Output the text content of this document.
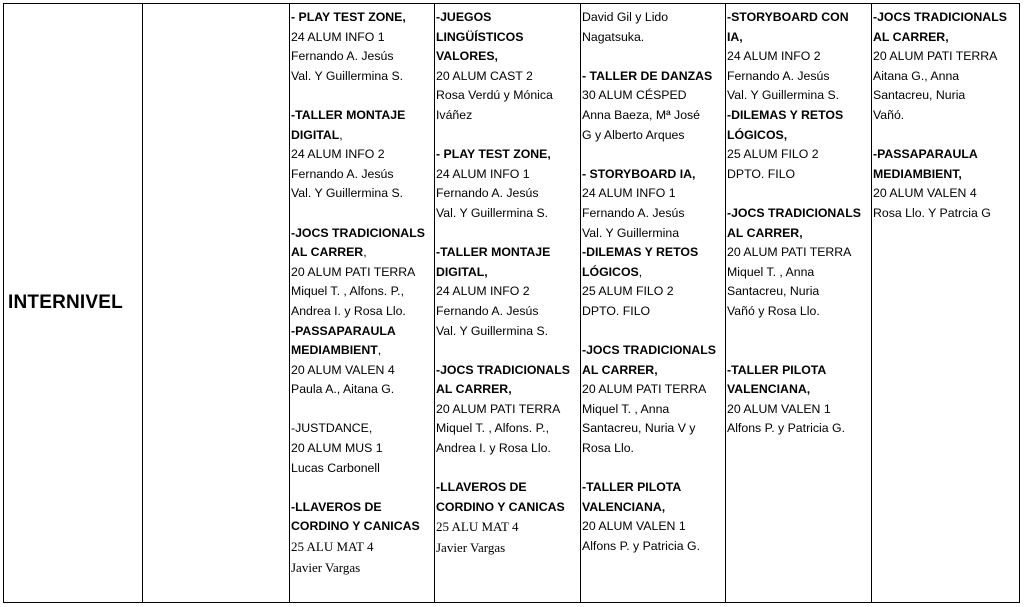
INTERNIVEL

- PLAY TEST ZONE,

24 ALUM INFO 1

Fernando A. Jesús

Val. Y Guillermina S.

-TALLER MONTAJE

DIGITAL,

24 ALUM INFO 2

Fernando A. Jesús

Val. Y Guillermina S.

-JOCS TRADICIONALS

AL CARRER,

20 ALUM PATI TERRA

Miquel T. , Alfons. P.,

Andrea I. y Rosa Llo.

-PASSAPARAULA

MEDIAMBIENT,

20 ALUM VALEN 4

Paula A., Aitana G.

-JUSTDANCE,

20 ALUM MUS 1

Lucas Carbonell

-LLAVEROS DE

CORDINO Y CANICAS

25 ALU MAT 4

Javier Vargas

-JUEGOS

LINGÜÍSTICOS

VALORES,

20 ALUM CAST 2

Rosa Verdú y Mónica

Iváñez

- PLAY TEST ZONE,

24 ALUM INFO 1

Fernando A. Jesús

Val. Y Guillermina S.

-TALLER MONTAJE

DIGITAL,

24 ALUM INFO 2

Fernando A. Jesús

Val. Y Guillermina S.

-JOCS TRADICIONALS

AL CARRER,

20 ALUM PATI TERRA

Miquel T. , Alfons. P.,

Andrea I. y Rosa Llo.

-LLAVEROS DE

CORDINO Y CANICAS

25 ALU MAT 4

Javier Vargas

David Gil y Lido

Nagatsuka.

- TALLER DE DANZAS

30 ALUM CÉSPED

Anna Baeza, Mª José

G y Alberto Arques

- STORYBOARD IA,

24 ALUM INFO 1

Fernando A. Jesús

Val. Y Guillermina

-DILEMAS Y RETOS

LÓGICOS,

25 ALUM FILO 2

DPTO. FILO

-JOCS TRADICIONALS

AL CARRER,

20 ALUM PATI TERRA

Miquel T. , Anna

Santacreu, Nuria V y

Rosa Llo.

-TALLER PILOTA

VALENCIANA,

20 ALUM VALEN 1

Alfons P. y Patricia G.

-STORYBOARD CON

IA,

24 ALUM INFO 2

Fernando A. Jesús

Val. Y Guillermina S.

-DILEMAS Y RETOS

LÓGICOS,

25 ALUM FILO 2

DPTO. FILO

-JOCS TRADICIONALS

AL CARRER,

20 ALUM PATI TERRA

Miquel T. , Anna

Santacreu, Nuria

Vañó y Rosa Llo.

-TALLER PILOTA

VALENCIANA,

20 ALUM VALEN 1

Alfons P. y Patricia G.

-JOCS TRADICIONALS

AL CARRER,

20 ALUM PATI TERRA

Aitana G., Anna

Santacreu, Nuria

Vañó.

-PASSAPARAULA

MEDIAMBIENT,

20 ALUM VALEN 4

Rosa Llo. Y Patrcia G
